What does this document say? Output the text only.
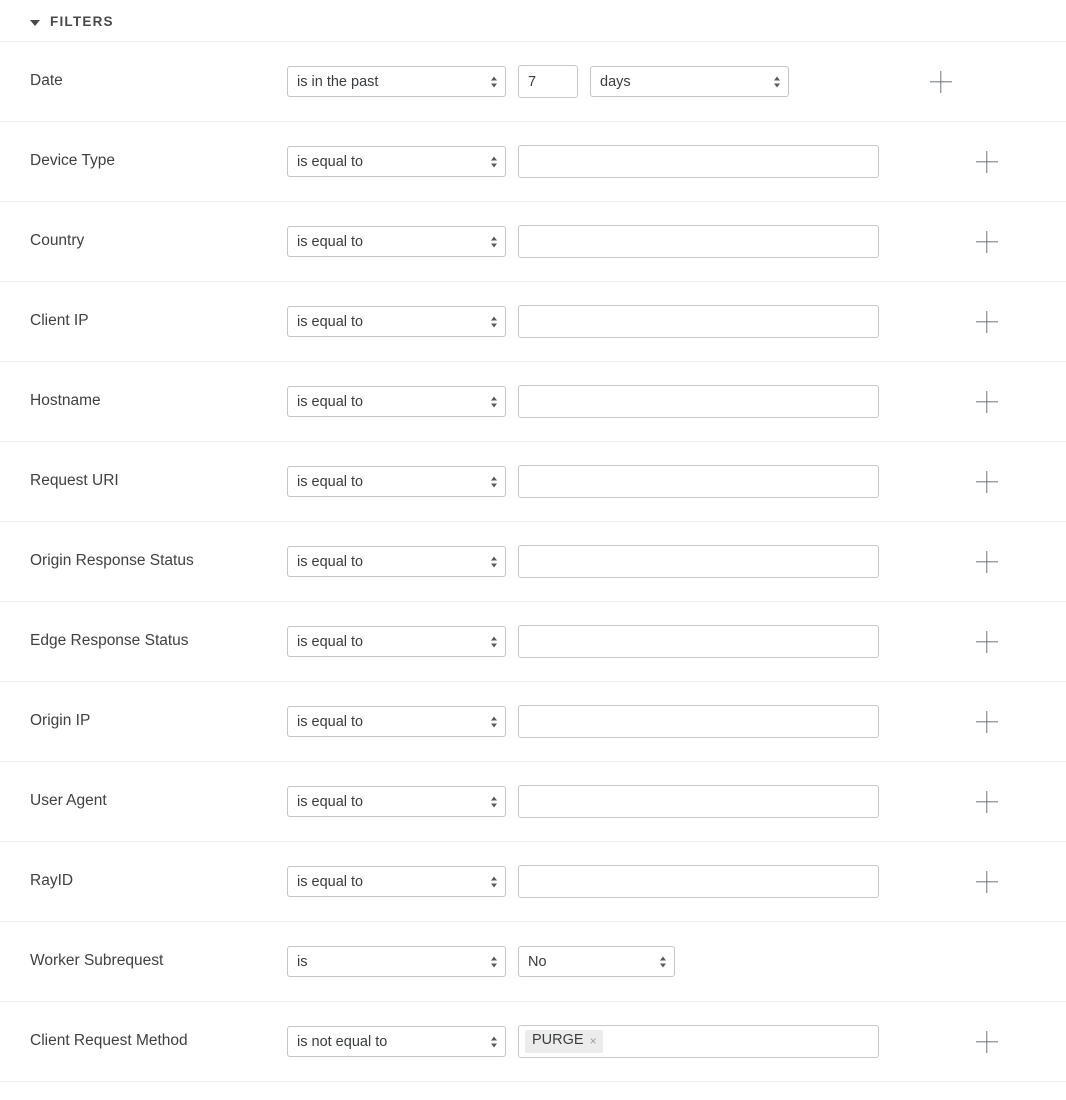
FILTERS
Date	is in the past	7	days
Device Type	is equal to
Country	is equal to
Client IP	is equal to
Hostname	is equal to
Request URI	is equal to
Origin Response Status	is equal to
Edge Response Status	is equal to
Origin IP	is equal to
User Agent	is equal to
RayID	is equal to
Worker Subrequest	is	No
Client Request Method	is not equal to	PURGE ×
